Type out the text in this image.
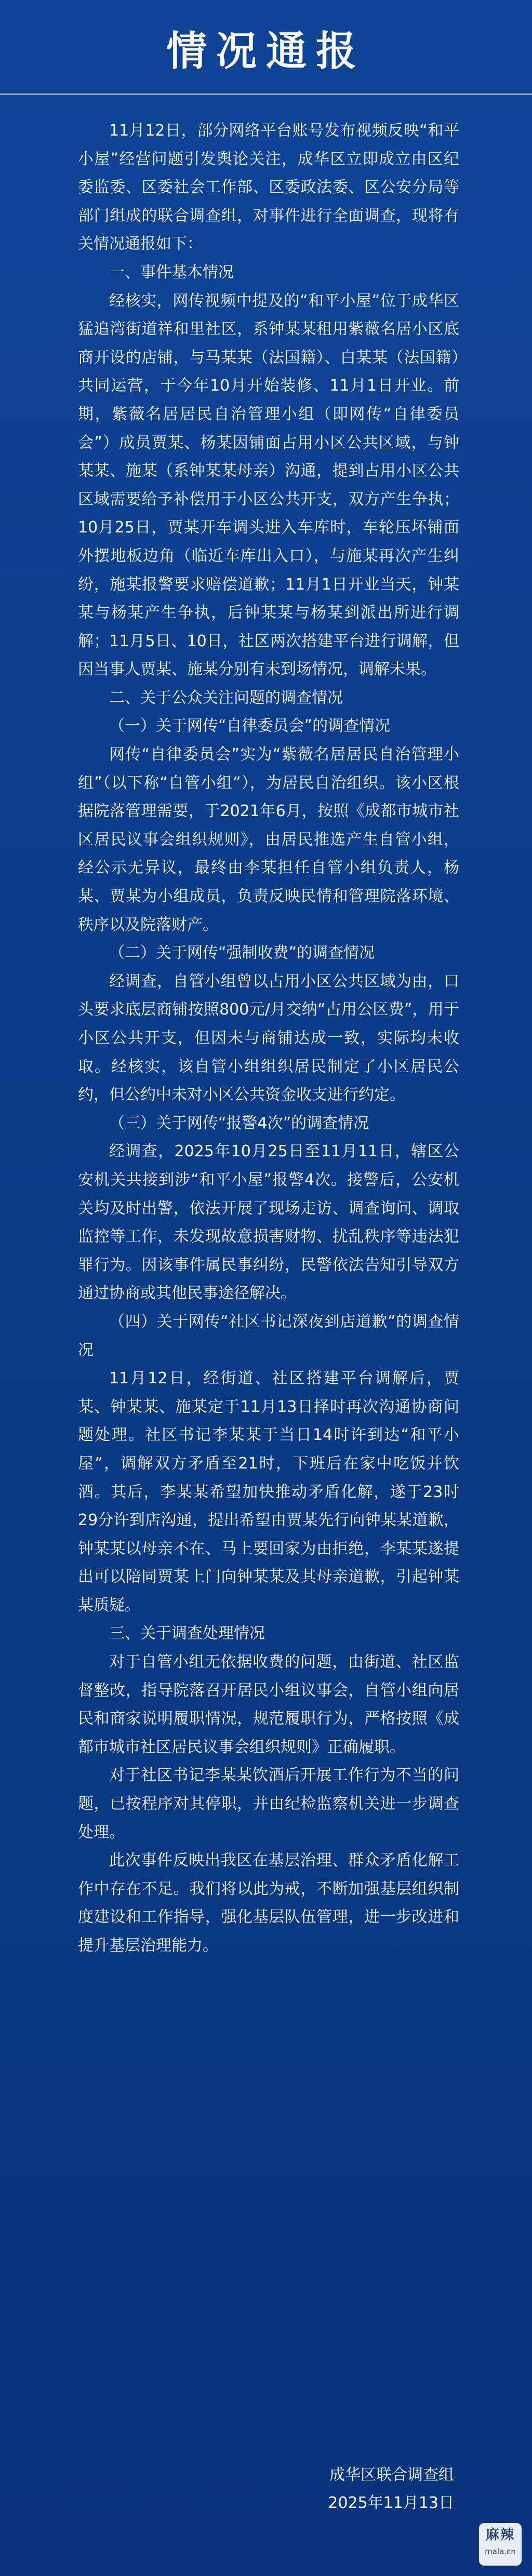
情况通报

11月12日，部分网络平台账号发布视频反映“和平小屋”经营问题引发舆论关注，成华区立即成立由区纪委监委、区委社会工作部、区委政法委、区公安分局等部门组成的联合调查组，对事件进行全面调查，现将有关情况通报如下：

一、事件基本情况

经核实，网传视频中提及的“和平小屋”位于成华区猛追湾街道祥和里社区，系钟某某租用紫薇名居小区底商开设的店铺，与马某某（法国籍）、白某某（法国籍）共同运营，于今年10月开始装修、11月1日开业。前期，紫薇名居居民自治管理小组（即网传“自律委员会”）成员贾某、杨某因铺面占用小区公共区域，与钟某某、施某（系钟某某母亲）沟通，提到占用小区公共区域需要给予补偿用于小区公共开支，双方产生争执；10月25日，贾某开车调头进入车库时，车轮压坏铺面外摆地板边角（临近车库出入口），与施某再次产生纠纷，施某报警要求赔偿道歉；11月1日开业当天，钟某某与杨某产生争执，后钟某某与杨某到派出所进行调解；11月5日、10日，社区两次搭建平台进行调解，但因当事人贾某、施某分别有未到场情况，调解未果。

二、关于公众关注问题的调查情况

（一）关于网传“自律委员会”的调查情况

网传“自律委员会”实为“紫薇名居居民自治管理小组”（以下称“自管小组”），为居民自治组织。该小区根据院落管理需要，于2021年6月，按照《成都市城市社区居民议事会组织规则》，由居民推选产生自管小组，经公示无异议，最终由李某担任自管小组负责人，杨某、贾某为小组成员，负责反映民情和管理院落环境、秩序以及院落财产。

（二）关于网传“强制收费”的调查情况

经调查，自管小组曾以占用小区公共区域为由，口头要求底层商铺按照800元/月交纳“占用公区费”，用于小区公共开支，但因未与商铺达成一致，实际均未收取。经核实，该自管小组组织居民制定了小区居民公约，但公约中未对小区公共资金收支进行约定。

（三）关于网传“报警4次”的调查情况

经调查，2025年10月25日至11月11日，辖区公安机关共接到涉“和平小屋”报警4次。接警后，公安机关均及时出警，依法开展了现场走访、调查询问、调取监控等工作，未发现故意损害财物、扰乱秩序等违法犯罪行为。因该事件属民事纠纷，民警依法告知引导双方通过协商或其他民事途径解决。

（四）关于网传“社区书记深夜到店道歉”的调查情况

11月12日，经街道、社区搭建平台调解后，贾某、钟某某、施某定于11月13日择时再次沟通协商问题处理。社区书记李某某于当日14时许到达“和平小屋”，调解双方矛盾至21时，下班后在家中吃饭并饮酒。其后，李某某希望加快推动矛盾化解，遂于23时29分许到店沟通，提出希望由贾某先行向钟某某道歉，钟某某以母亲不在、马上要回家为由拒绝，李某某遂提出可以陪同贾某上门向钟某某及其母亲道歉，引起钟某某质疑。

三、关于调查处理情况

对于自管小组无依据收费的问题，由街道、社区监督整改，指导院落召开居民小组议事会，自管小组向居民和商家说明履职情况，规范履职行为，严格按照《成都市城市社区居民议事会组织规则》正确履职。

对于社区书记李某某饮酒后开展工作行为不当的问题，已按程序对其停职，并由纪检监察机关进一步调查处理。

此次事件反映出我区在基层治理、群众矛盾化解工作中存在不足。我们将以此为戒，不断加强基层组织制度建设和工作指导，强化基层队伍管理，进一步改进和提升基层治理能力。

成华区联合调查组
2025年11月13日
麻辣
mala.cn
